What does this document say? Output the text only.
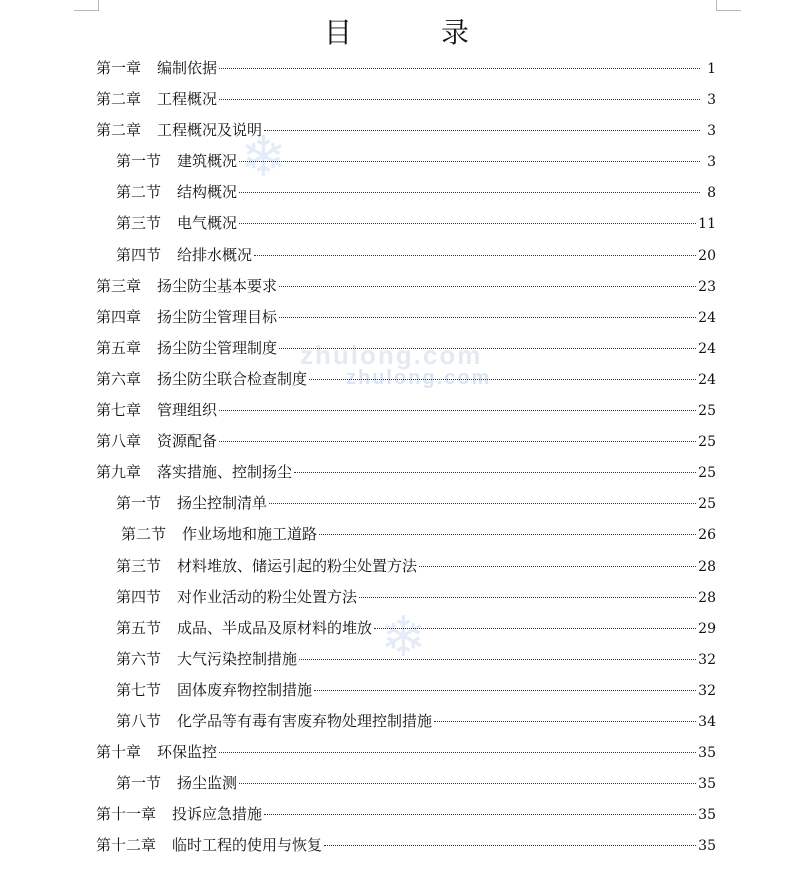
目 录
❄
❄
zhulong.com
zhulong.com
第一章 编制依据	1
第二章 工程概况	3
第二章 工程概况及说明	3
第一节 建筑概况	3
第二节 结构概况	8
第三节 电气概况	11
第四节 给排水概况	20
第三章 扬尘防尘基本要求	23
第四章 扬尘防尘管理目标	24
第五章 扬尘防尘管理制度	24
第六章 扬尘防尘联合检查制度	24
第七章 管理组织	25
第八章 资源配备	25
第九章 落实措施、控制扬尘	25
第一节 扬尘控制清单	25
第二节 作业场地和施工道路	26
第三节 材料堆放、储运引起的粉尘处置方法	28
第四节 对作业活动的粉尘处置方法	28
第五节 成品、半成品及原材料的堆放	29
第六节 大气污染控制措施	32
第七节 固体废弃物控制措施	32
第八节 化学品等有毒有害废弃物处理控制措施	34
第十章 环保监控	35
第一节 扬尘监测	35
第十一章 投诉应急措施	35
第十二章 临时工程的使用与恢复	35
